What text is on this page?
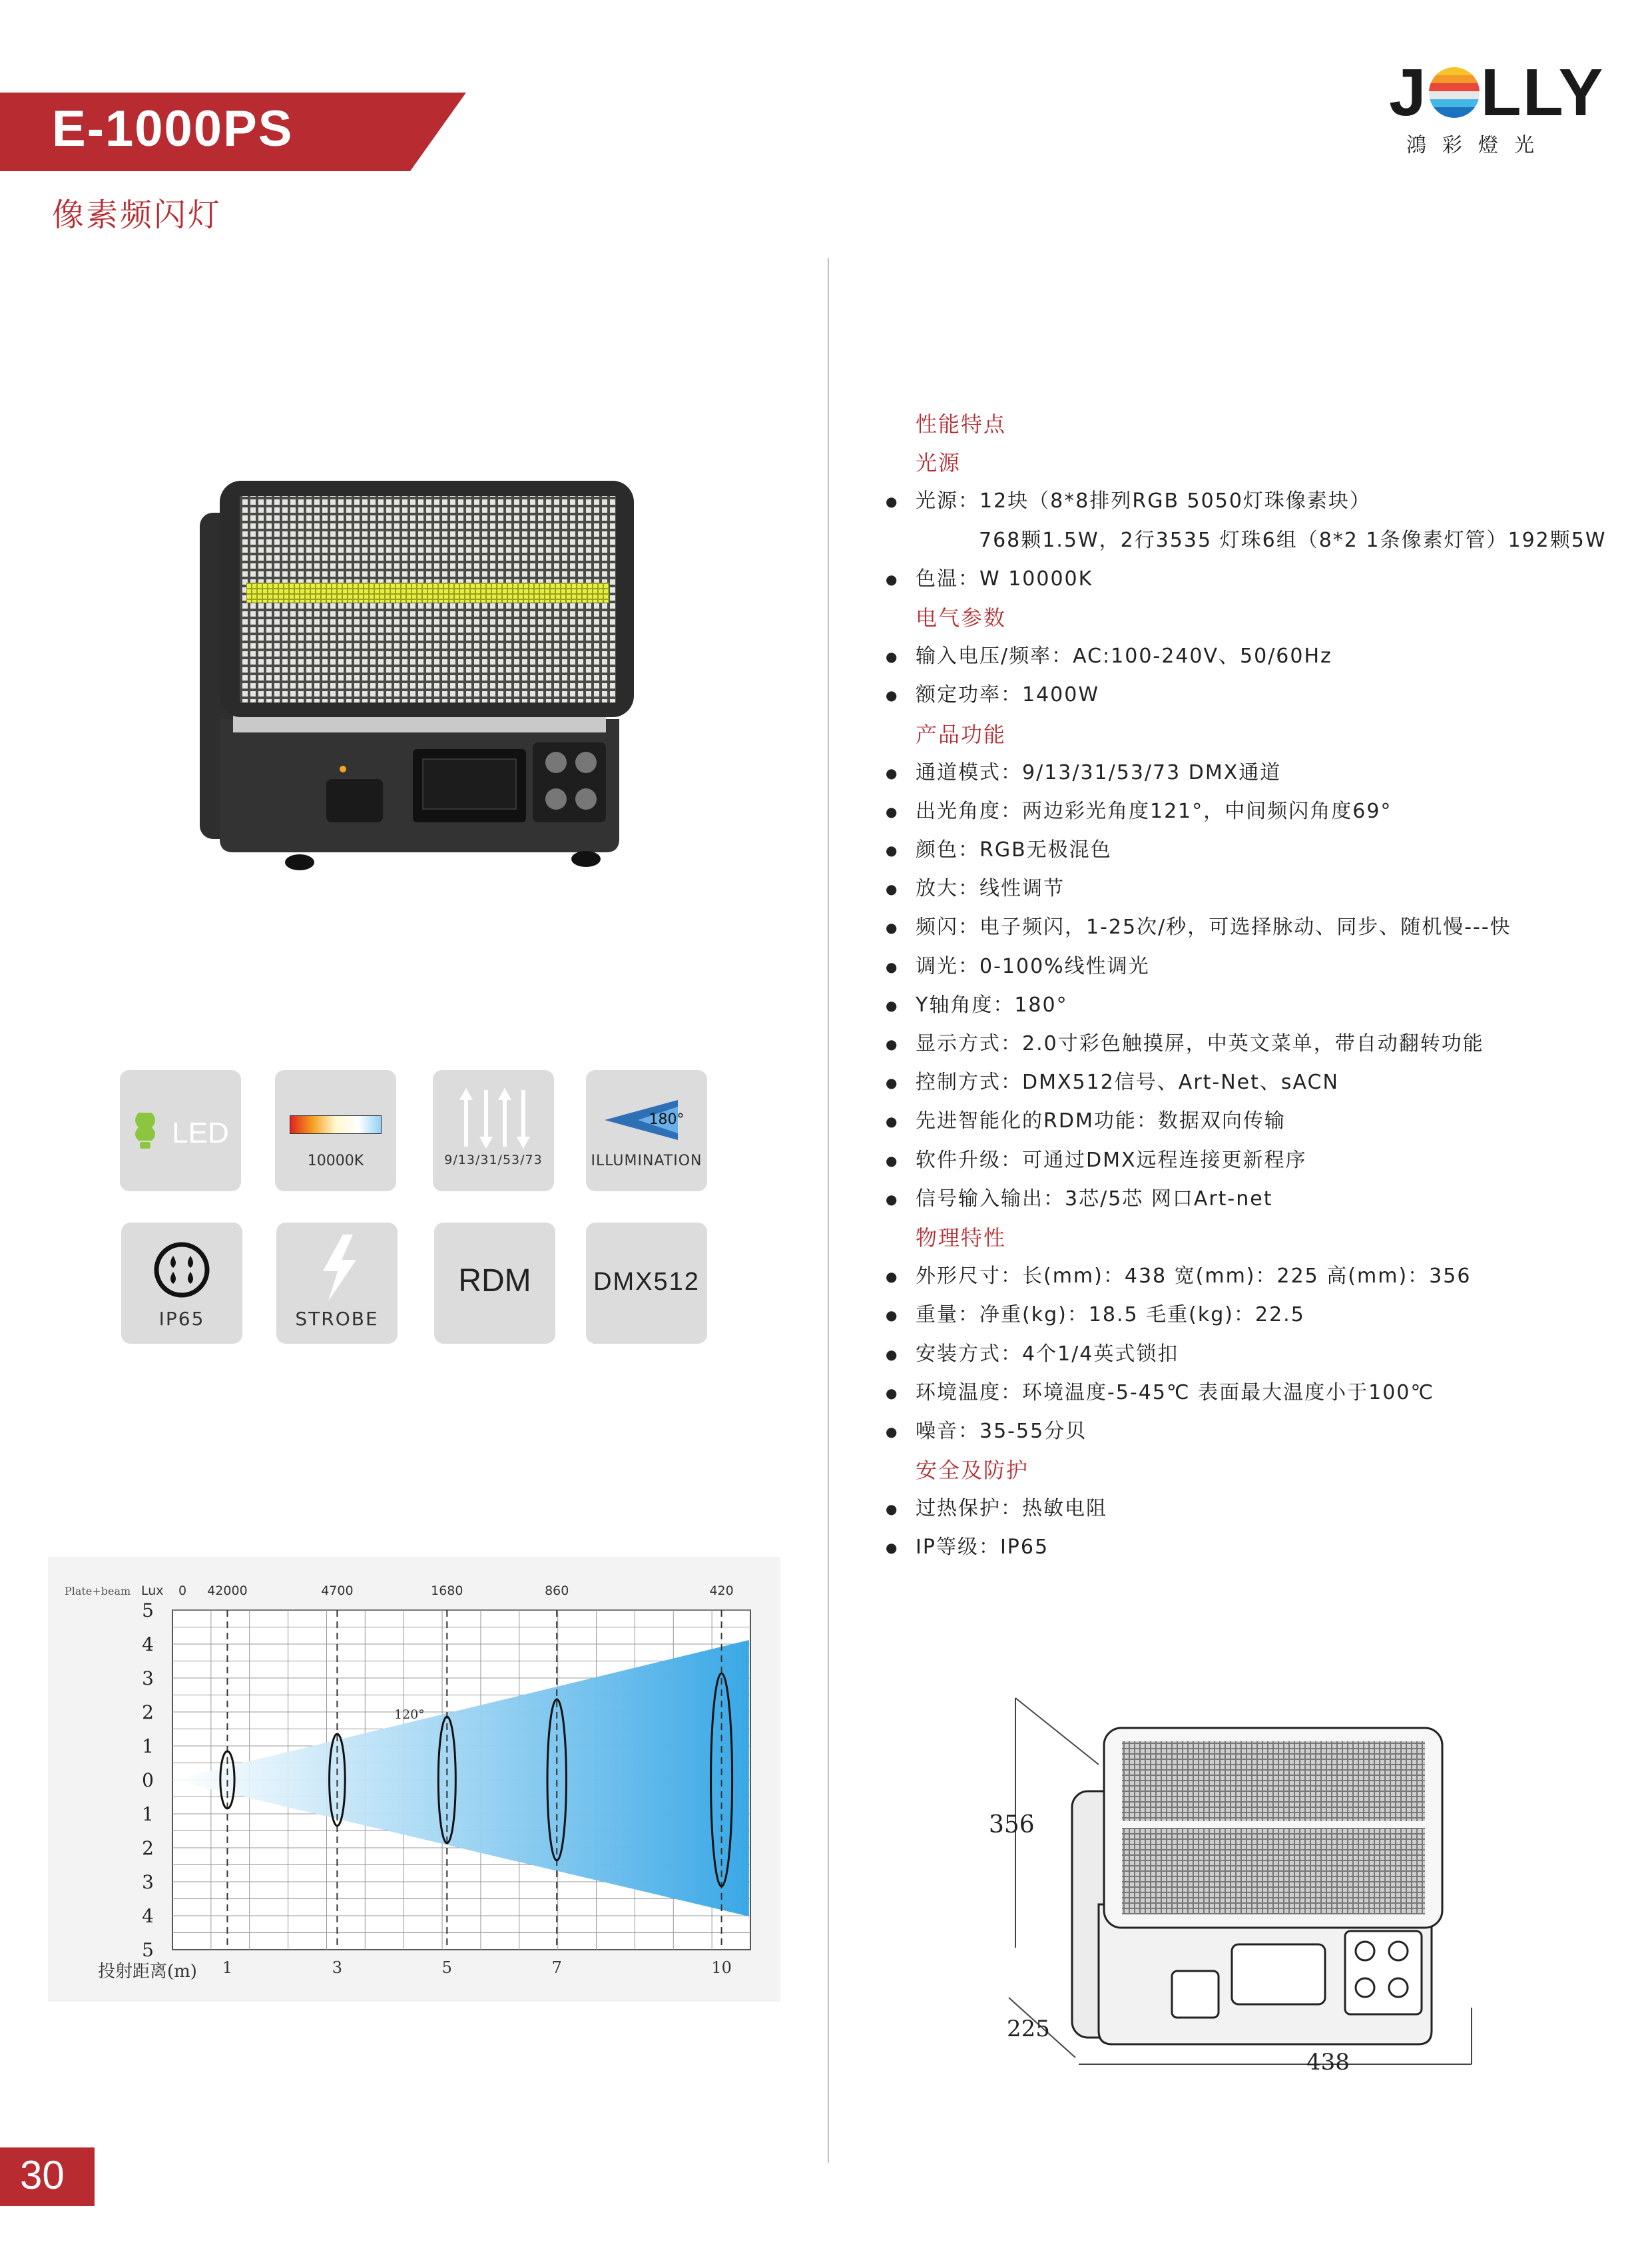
E-1000PS
像素频闪灯
J LLY
鴻彩燈光
LED
10000K	9/13/31/53/73
180°
ILLUMINATION
IP65	STROBE
RDM	DMX512
5
4
3
2
1
0
1
2
3
4
5
0 42000	4700	1680	860	420
1	3	5	7	10
Plate+beam Lux
120°
投射距离(m)
356
225
438
性能特点
光源
● 光源：12块（8*8排列RGB 5050灯珠像素块）
768颗1.5W，2行3535 灯珠6组（8*2 1条像素灯管）192颗5W
● 色温：W 10000K
电气参数
● 输入电压/频率：AC:100-240V、50/60Hz
● 额定功率：1400W
产品功能
● 通道模式：9/13/31/53/73 DMX通道
● 出光角度：两边彩光角度121°，中间频闪角度69°
● 颜色：RGB无极混色
● 放大：线性调节
● 频闪：电子频闪，1-25次/秒，可选择脉动、同步、随机慢---快
● 调光：0-100%线性调光
● Y轴角度：180°
● 显示方式：2.0寸彩色触摸屏，中英文菜单，带自动翻转功能
● 控制方式：DMX512信号、Art-Net、sACN
● 先进智能化的RDM功能：数据双向传输
● 软件升级：可通过DMX远程连接更新程序
● 信号输入输出：3芯/5芯 网口Art-net
物理特性
● 外形尺寸：长(mm)：438 宽(mm)：225 高(mm)：356
● 重量：净重(kg)：18.5 毛重(kg)：22.5
● 安装方式：4个1/4英式锁扣
● 环境温度：环境温度-5-45℃ 表面最大温度小于100℃
● 噪音：35-55分贝
安全及防护
● 过热保护：热敏电阻
● IP等级：IP65
30
